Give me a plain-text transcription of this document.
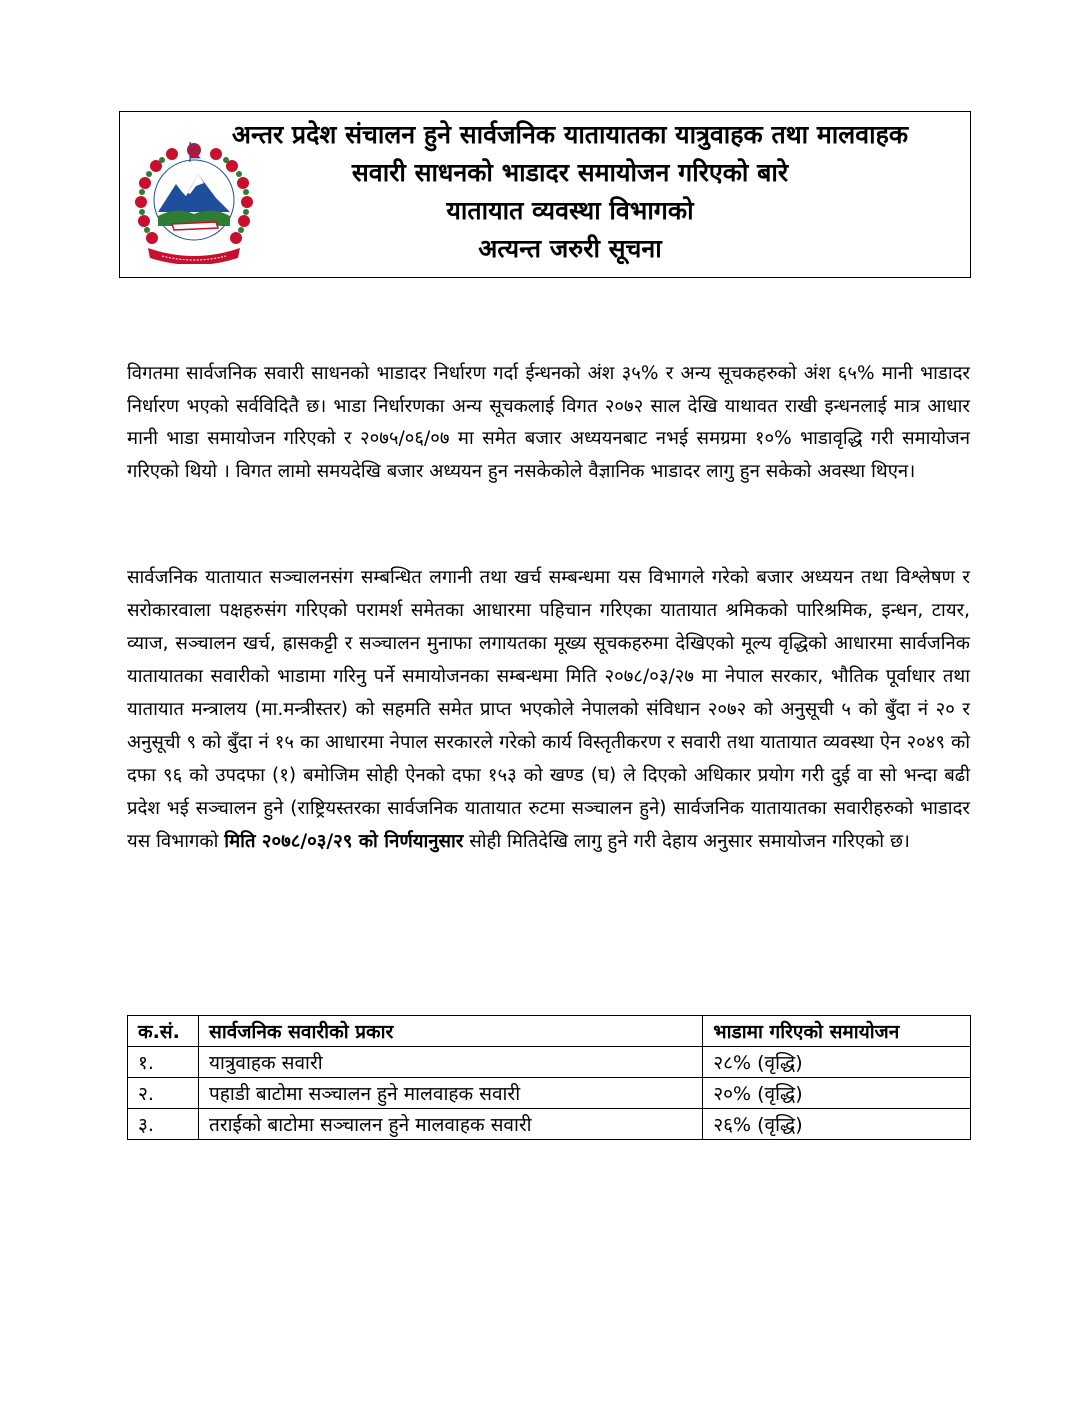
अन्तर प्रदेश संचालन हुने सार्वजनिक यातायातका यात्रुवाहक तथा मालवाहक
सवारी साधनको भाडादर समायोजन गरिएको बारे
यातायात व्यवस्था विभागको
अत्यन्त जरुरी सूचना

विगतमा सार्वजनिक सवारी साधनको भाडादर निर्धारण गर्दा ईन्धनको अंश ३५% र अन्य सूचकहरुको अंश ६५% मानी भाडादर निर्धारण भएको सर्वविदितै छ। भाडा निर्धारणका अन्य सूचकलाई विगत २०७२ साल देखि याथावत राखी इन्धनलाई मात्र आधार मानी भाडा समायोजन गरिएको र २०७५/०६/०७ मा समेत बजार अध्ययनबाट नभई समग्रमा १०% भाडावृद्धि गरी समायोजन गरिएको थियो । विगत लामो समयदेखि बजार अध्ययन हुन नसकेकोले वैज्ञानिक भाडादर लागु हुन सकेको अवस्था थिएन।

सार्वजनिक यातायात सञ्चालनसंग सम्बन्धित लगानी तथा खर्च सम्बन्धमा यस विभागले गरेको बजार अध्ययन तथा विश्लेषण र सरोकारवाला पक्षहरुसंग गरिएको परामर्श समेतका आधारमा पहिचान गरिएका यातायात श्रमिकको पारिश्रमिक, इन्धन, टायर, व्याज, सञ्चालन खर्च, ह्रासकट्टी र सञ्चालन मुनाफा लगायतका मूख्य सूचकहरुमा देखिएको मूल्य वृद्धिको आधारमा सार्वजनिक यातायातका सवारीको भाडामा गरिनु पर्ने समायोजनका सम्बन्धमा मिति २०७८/०३/२७ मा नेपाल सरकार, भौतिक पूर्वाधार तथा यातायात मन्त्रालय (मा.मन्त्रीस्तर) को सहमति समेत प्राप्त भएकोले नेपालको संविधान २०७२ को अनुसूची ५ को बुँदा नं २० र अनुसूची ९ को बुँदा नं १५ का आधारमा नेपाल सरकारले गरेको कार्य विस्तृतीकरण र सवारी तथा यातायात व्यवस्था ऐन २०४९ को दफा ९६ को उपदफा (१) बमोजिम सोही ऐनको दफा १५३ को खण्ड (घ) ले दिएको अधिकार प्रयोग गरी दुई वा सो भन्दा बढी प्रदेश भई सञ्चालन हुने (राष्ट्रियस्तरका सार्वजनिक यातायात रुटमा सञ्चालन हुने) सार्वजनिक यातायातका सवारीहरुको भाडादर यस विभागको मिति २०७८/०३/२९ को निर्णयानुसार सोही मितिदेखि लागु हुने गरी देहाय अनुसार समायोजन गरिएको छ।

क.सं.	सार्वजनिक सवारीको प्रकार	भाडामा गरिएको समायोजन
१.	यात्रुवाहक सवारी	२८% (वृद्धि)
२.	पहाडी बाटोमा सञ्चालन हुने मालवाहक सवारी	२०% (वृद्धि)
३.	तराईको बाटोमा सञ्चालन हुने मालवाहक सवारी	२६% (वृद्धि)
